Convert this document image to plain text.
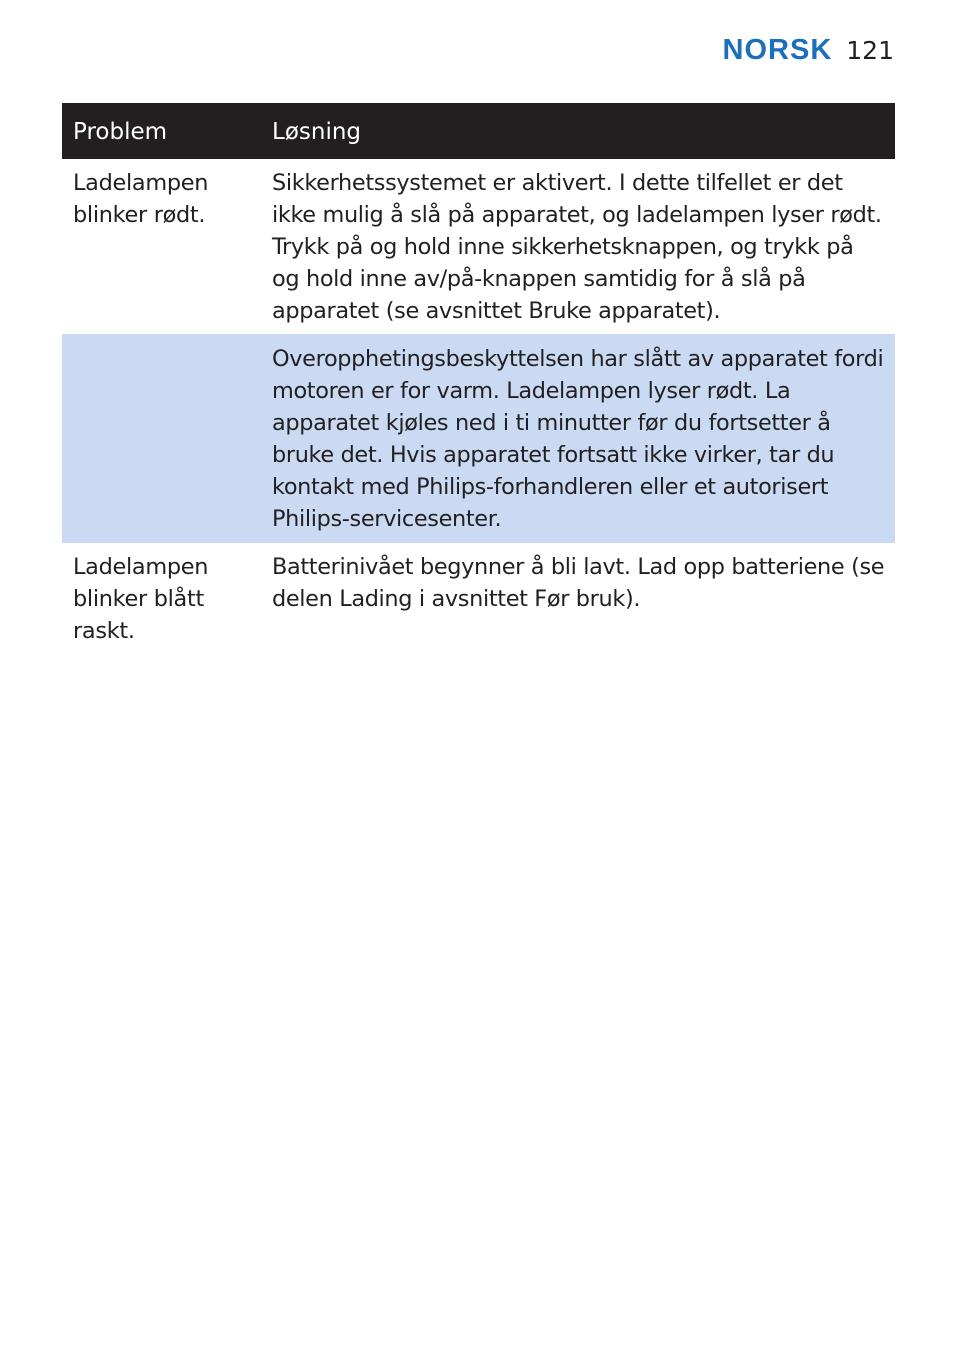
NORSK 121
Problem	Løsning
Ladelampen blinker rødt.
Sikkerhetssystemet er aktivert. I dette tilfellet er det ikke mulig å slå på apparatet, og ladelampen lyser rødt. Trykk på og hold inne sikkerhetsknappen, og trykk på og hold inne av/på-knappen samtidig for å slå på apparatet (se avsnittet Bruke apparatet).
Overopphetingsbeskyttelsen har slått av apparatet fordi motoren er for varm. Ladelampen lyser rødt. La apparatet kjøles ned i ti minutter før du fortsetter å bruke det. Hvis apparatet fortsatt ikke virker, tar du kontakt med Philips-forhandleren eller et autorisert Philips-servicesenter.
Ladelampen blinker blått raskt.
Batterinivået begynner å bli lavt. Lad opp batteriene (se delen Lading i avsnittet Før bruk).
